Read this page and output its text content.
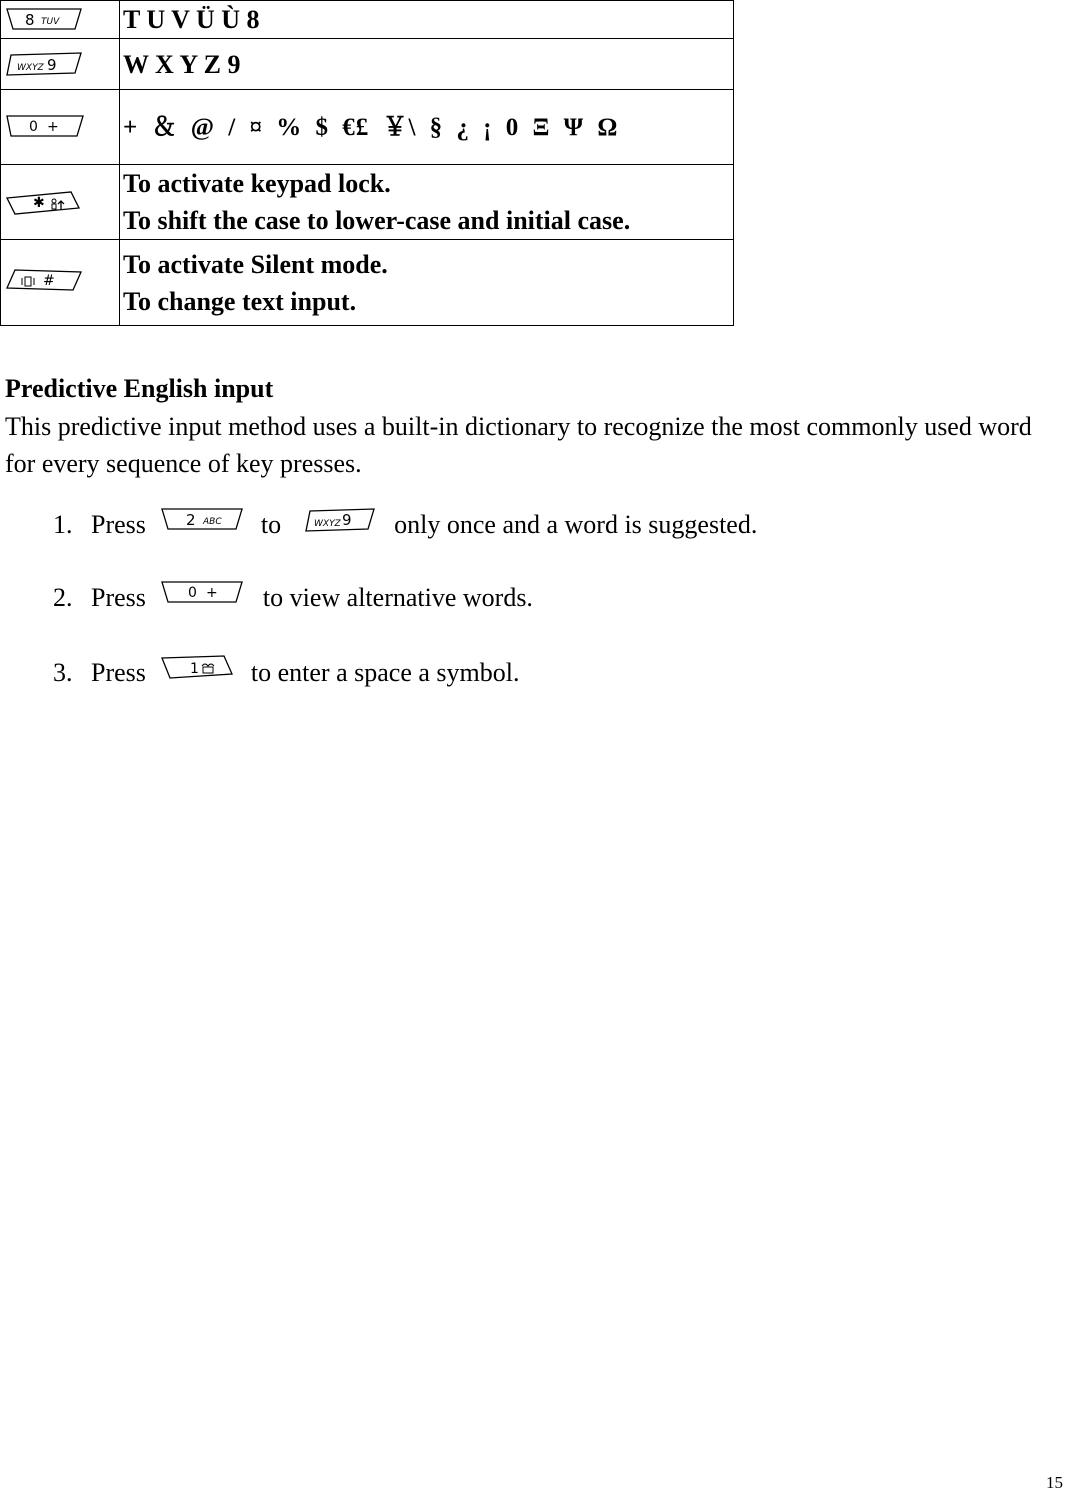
8 TUV	T U V Ü Ù 8

WXYZ 9	W X Y Z 9

0 +	+ ＆ @ / ¤ % $ €£ ￥\ § ¿ ¡ 0 Ξ Ψ Ω

✱	To activate keypad lock.
To shift the case to lower-case and initial case.

#	To activate Silent mode.
To change text input.
Predictive English input
This predictive input method uses a built-in dictionary to recognize the most commonly used word for every sequence of key presses.
1. Press	2 ABC to	WXYZ 9 only once and a word is suggested.
2. Press	0 + to view alternative words.
3. Press	1 to enter a space a symbol.
15
